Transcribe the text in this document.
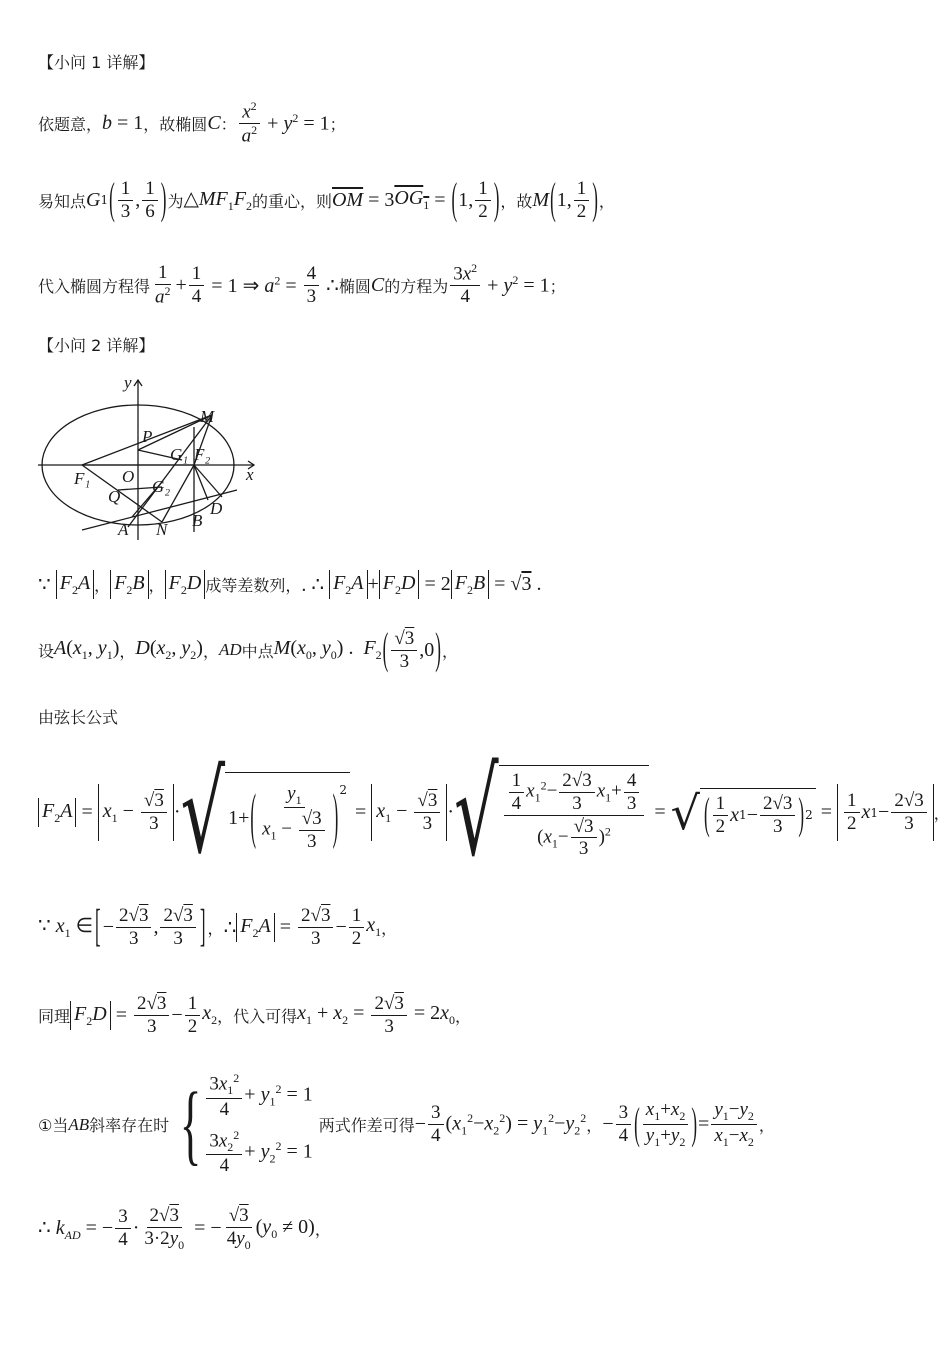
【小问 1 详解】
依题意， b = 1 ，故椭圆 C ： $\frac{x^2}{a^2} + y^2 = 1$ ；
易知点 G 1 ( $\frac{1}{3}$ , $\frac{1}{6}$ ) 为 $\triangle MF_1F_2$ 的重心，则 $\overline{OM} = 3$ $OG_1$ = ( 1, $\frac{1}{2}$ ) ，故 M ( 1, $\frac{1}{2}$ ) ，
代入椭圆方程得 $\frac{1}{a^2} + \frac{1}{4} = 1$ ⇒ $a^2 = \frac{4}{3}$ ∴ 椭圆 C 的方程为 $\frac{3x^2}{4} + y^2 = 1$ ；
【小问 2 详解】
y
x
M
P
G₁ F₂
F₁ O
Q
G₂
A N B
D
∵ $F_2A$ ， $F_2B$ ， $F_2D$ 成等差数列， . ∴ $F_2A + F_2D = 2$ $F_2B = √3$ .
设 $A(x_1$, $y_1$) ， $D(x_2$, $y_2$) ， AD 中点 $M(x_0$, $y_0$) .  $F_2$ ( $\frac{√3}{3} ,0$ ) ，
由弦长公式
$F_2A = x_1 - \frac{√3}{3}$ · √ 1+ ( $\frac{y_1}{x_1 - \frac{√3}{3}} )^2$
= $x_1 - \frac{√3}{3}$ · √ $\frac{\frac{1}{4} x_1^2- \frac{2√3}{3} x_1+ \frac{4}{3}}{(x_1- \frac{√3}{3} )^2}$ = √ ( $\frac{1}{2}$ x $1 - \frac{2√3}{3}$ ) $2 = \frac{1}{2}$ x $1 - \frac{2√3}{3}$ ，
∵ $x_1$ ∈ [ − $\frac{2√3}{3}$ , $\frac{2√3}{3}$ ] ， ∴ $F_2A = \frac{2√3}{3} - \frac{1}{2} x_1$ ，
同理 $F_2D = \frac{2√3}{3} - \frac{1}{2} x_2$ ，代入可得 $x_1 + x_2 = \frac{2√3}{3} = 2x_0$ ，
①当 AB 斜率存在时 { $\frac{3x_1^2}{4} + y_1^2 = 1$
$\frac{3x_2^2}{4} + y_2^2 = 1$
两式作差可得 − $\frac{3}{4} (x_1^2-x_2^2) = y_1^2-y_2^2$ ， − $\frac{3}{4}$ ( $\frac{x_1+x_2}{y_1+y_2}$ ) = $\frac{y_1-y_2}{x_1-x_2}$ ，
∴ $k_{AD}$ = − $\frac{3}{4} \cdot \frac{2√3}{3\cdot 2y_0}$ = − $\frac{√3}{4y_0} (y_0 \ne 0)$ ，
